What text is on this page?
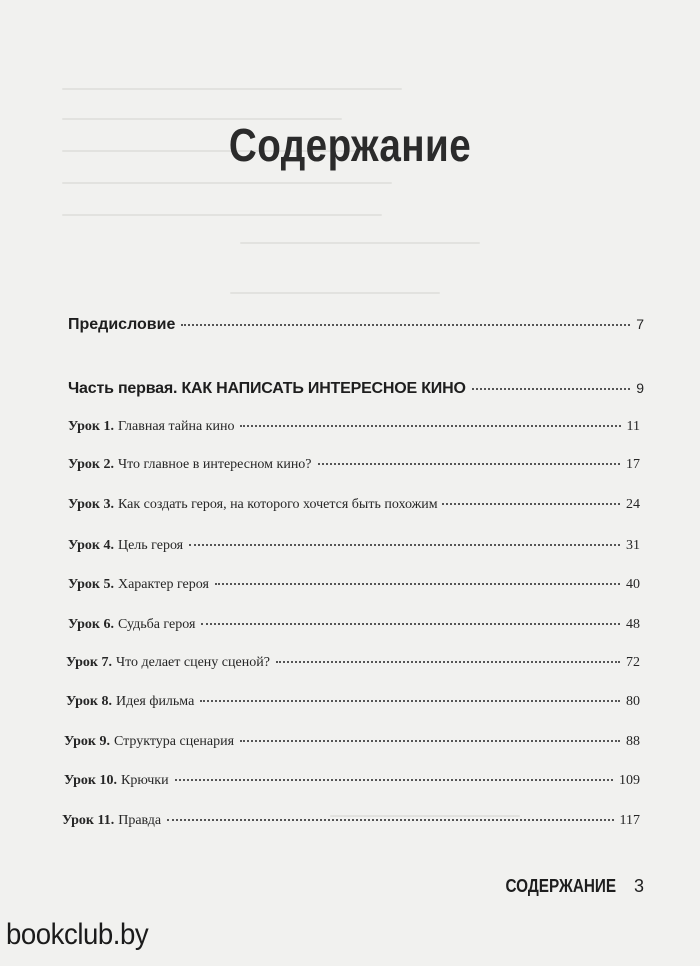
Содержание
Предисловие	7
Часть первая. КАК НАПИСАТЬ ИНТЕРЕСНОЕ КИНО	9
Урок 1. Главная тайна кино	11
Урок 2. Что главное в интересном кино?	17
Урок 3. Как создать героя, на которого хочется быть похожим	24
Урок 4. Цель героя	31
Урок 5. Характер героя	40
Урок 6. Судьба героя	48
Урок 7. Что делает сцену сценой?	72
Урок 8. Идея фильма	80
Урок 9. Структура сценария	88
Урок 10. Крючки	109
Урок 11. Правда	117
СОДЕРЖАНИЕ 3
bookclub.by
